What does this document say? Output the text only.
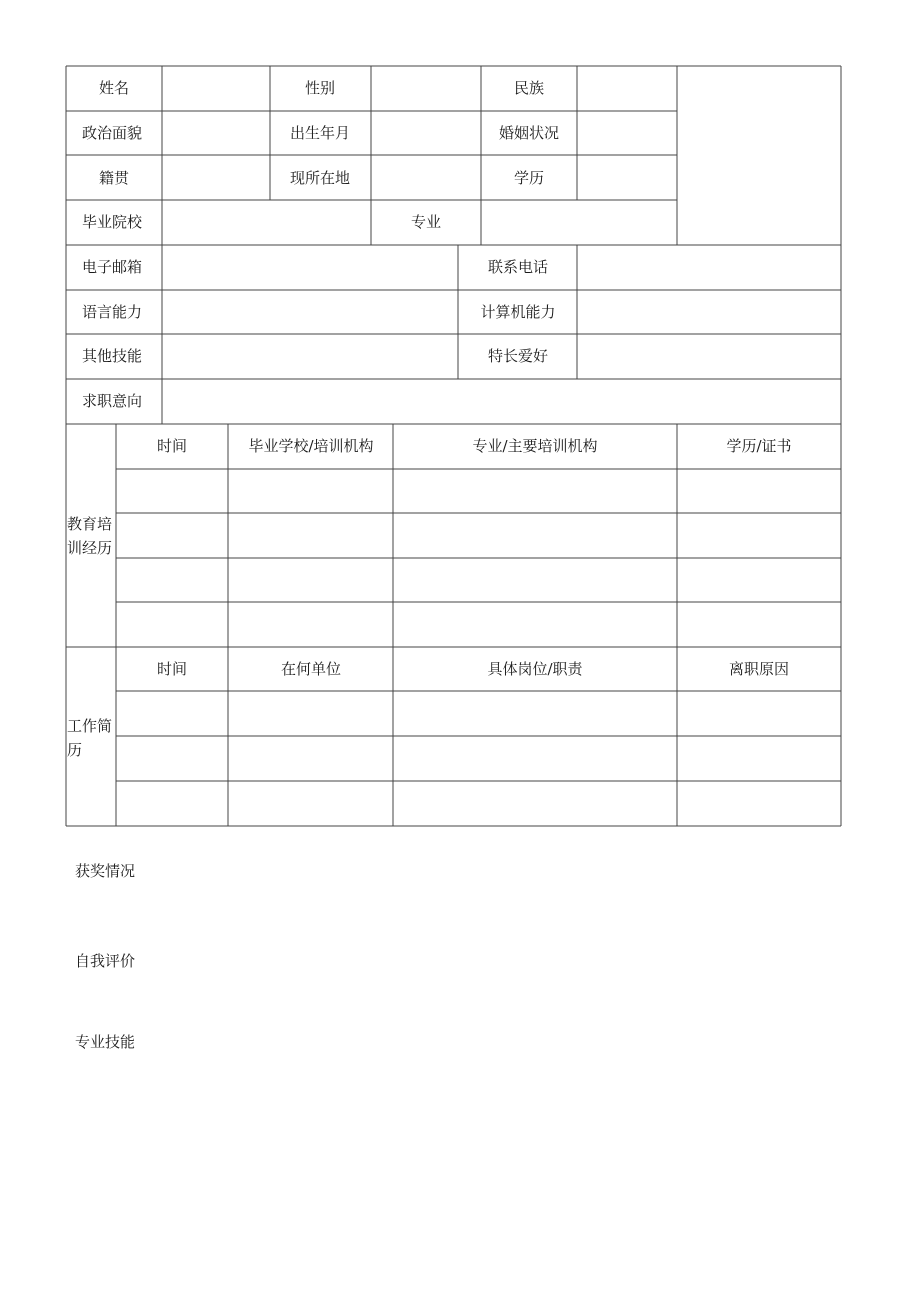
姓名	性别	民族
政治面貌	出生年月	婚姻状况
籍贯	现所在地	学历
毕业院校	专业
电子邮箱	联系电话
语言能力	计算机能力
其他技能	特长爱好
求职意向
教育培训经历
时间	毕业学校/培训机构	专业/主要培训机构	学历/证书
工作简历
时间	在何单位	具体岗位/职责	离职原因
获奖情况
自我评价
专业技能
